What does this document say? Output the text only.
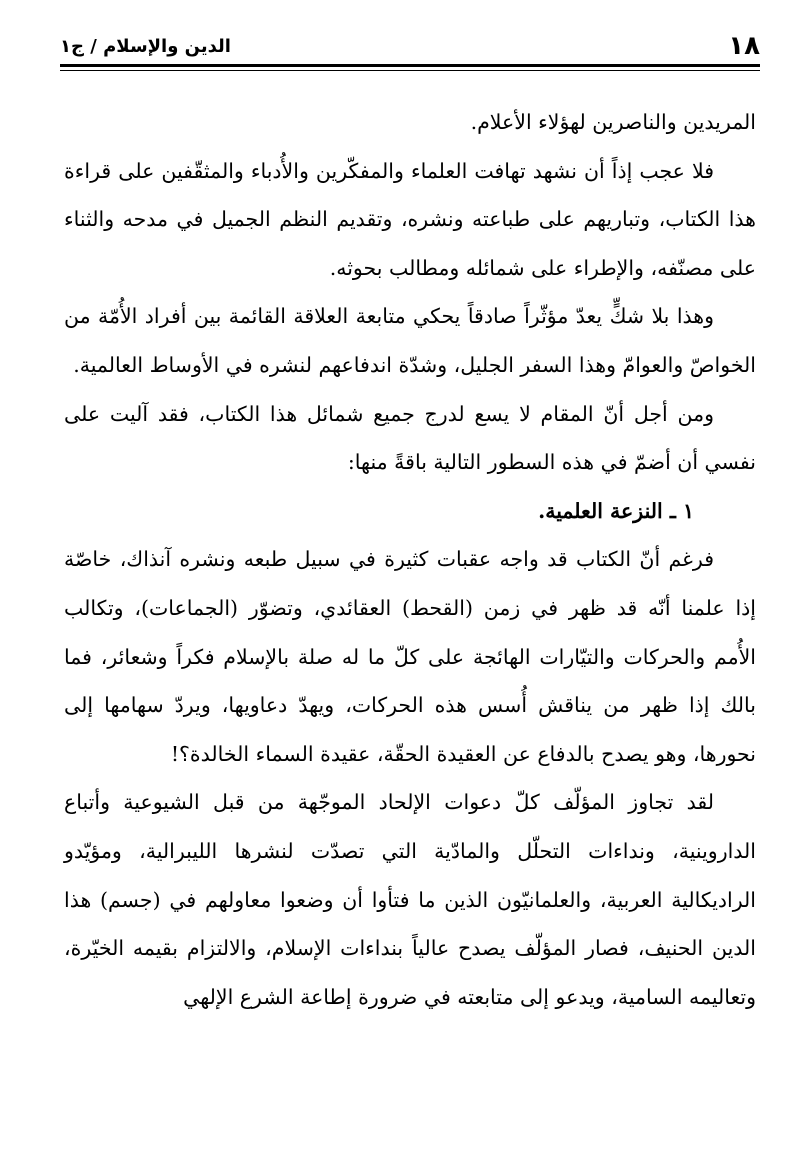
١٨
الدين والإسلام / ج١

المريدين والناصرين لهؤلاء الأعلام.

فلا عجب إذاً أن نشهد تهافت العلماء والمفكّرين والأُدباء والمثقّفين على قراءة هذا الكتاب، وتباريهم على طباعته ونشره، وتقديم النظم الجميل في مدحه والثناء على مصنّفه، والإطراء على شمائله ومطالب بحوثه.

وهذا بلا شكٍّ يعدّ مؤثّراً صادقاً يحكي متابعة العلاقة القائمة بين أفراد الأُمّة من الخواصّ والعوامّ وهذا السفر الجليل، وشدّة اندفاعهم لنشره في الأوساط العالمية.

ومن أجل أنّ المقام لا يسع لدرج جميع شمائل هذا الكتاب، فقد آليت على نفسي أن أضمّ في هذه السطور التالية باقةً منها:

١ ـ النزعة العلمية.

فرغم أنّ الكتاب قد واجه عقبات كثيرة في سبيل طبعه ونشره آنذاك، خاصّة إذا علمنا أنّه قد ظهر في زمن (القحط) العقائدي، وتضوّر (الجماعات)، وتكالب الأُمم والحركات والتيّارات الهائجة على كلّ ما له صلة بالإسلام فكراً وشعائر، فما بالك إذا ظهر من يناقش أُسس هذه الحركات، ويهدّ دعاويها، ويردّ سهامها إلى نحورها، وهو يصدح بالدفاع عن العقيدة الحقّة، عقيدة السماء الخالدة؟!

لقد تجاوز المؤلّف كلّ دعوات الإلحاد الموجّهة من قبل الشيوعية وأتباع الداروينية، ونداءات التحلّل والمادّية التي تصدّت لنشرها الليبرالية، ومؤيّدو الراديكالية العربية، والعلمانيّون الذين ما فتأوا أن وضعوا معاولهم في (جسم) هذا الدين الحنيف، فصار المؤلّف يصدح عالياً بنداءات الإسلام، والالتزام بقيمه الخيّرة، وتعاليمه السامية، ويدعو إلى متابعته في ضرورة إطاعة الشرع الإلهي
